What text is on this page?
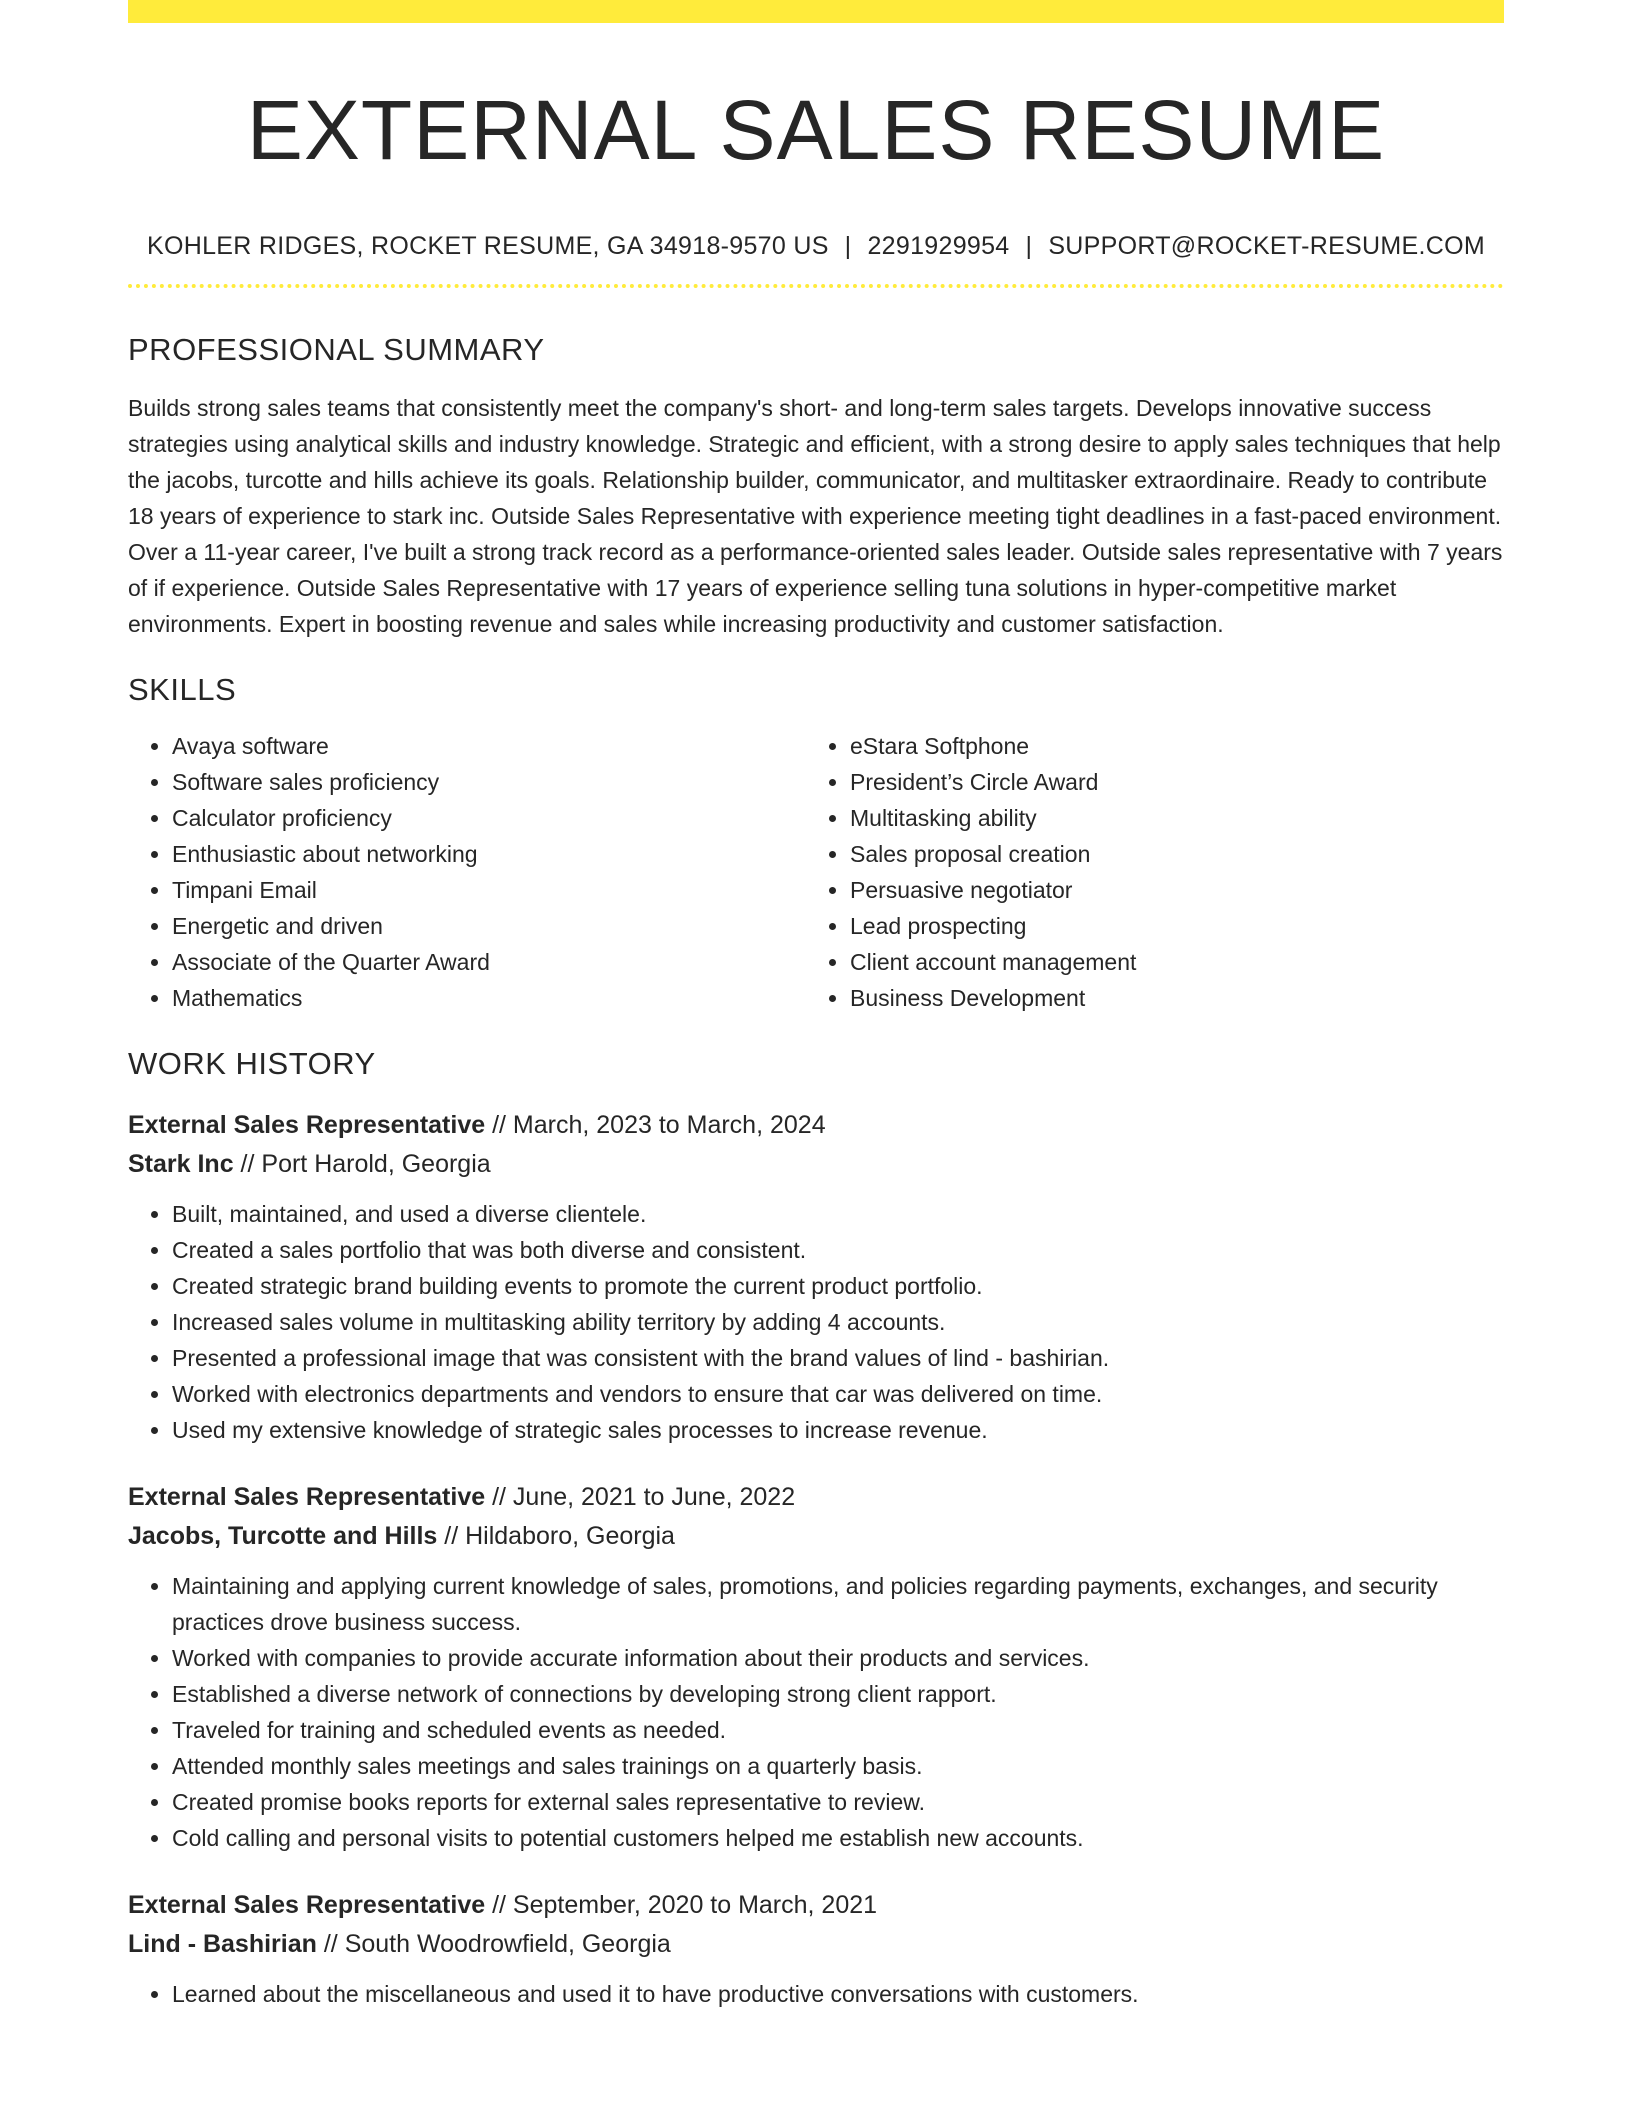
EXTERNAL SALES RESUME
KOHLER RIDGES, ROCKET RESUME, GA 34918-9570 US | 2291929954 | SUPPORT@ROCKET-RESUME.COM
PROFESSIONAL SUMMARY

Builds strong sales teams that consistently meet the company's short- and long-term sales targets. Develops innovative success strategies using analytical skills and industry knowledge. Strategic and efficient, with a strong desire to apply sales techniques that help the jacobs, turcotte and hills achieve its goals. Relationship builder, communicator, and multitasker extraordinaire. Ready to contribute 18 years of experience to stark inc. Outside Sales Representative with experience meeting tight deadlines in a fast-paced environment. Over a 11-year career, I've built a strong track record as a performance-oriented sales leader. Outside sales representative with 7 years of if experience. Outside Sales Representative with 17 years of experience selling tuna solutions in hyper-competitive market environments. Expert in boosting revenue and sales while increasing productivity and customer satisfaction.

SKILLS
• Avaya software
• Software sales proficiency
• Calculator proficiency
• Enthusiastic about networking
• Timpani Email
• Energetic and driven
• Associate of the Quarter Award
• Mathematics
• eStara Softphone
• President’s Circle Award
• Multitasking ability
• Sales proposal creation
• Persuasive negotiator
• Lead prospecting
• Client account management
• Business Development
WORK HISTORY
External Sales Representative // March, 2023 to March, 2024
Stark Inc // Port Harold, Georgia
• Built, maintained, and used a diverse clientele.
• Created a sales portfolio that was both diverse and consistent.
• Created strategic brand building events to promote the current product portfolio.
• Increased sales volume in multitasking ability territory by adding 4 accounts.
• Presented a professional image that was consistent with the brand values of lind - bashirian.
• Worked with electronics departments and vendors to ensure that car was delivered on time.
• Used my extensive knowledge of strategic sales processes to increase revenue.
External Sales Representative // June, 2021 to June, 2022
Jacobs, Turcotte and Hills // Hildaboro, Georgia
• Maintaining and applying current knowledge of sales, promotions, and policies regarding payments, exchanges, and security practices drove business success.
• Worked with companies to provide accurate information about their products and services.
• Established a diverse network of connections by developing strong client rapport.
• Traveled for training and scheduled events as needed.
• Attended monthly sales meetings and sales trainings on a quarterly basis.
• Created promise books reports for external sales representative to review.
• Cold calling and personal visits to potential customers helped me establish new accounts.
External Sales Representative // September, 2020 to March, 2021
Lind - Bashirian // South Woodrowfield, Georgia
• Learned about the miscellaneous and used it to have productive conversations with customers.
